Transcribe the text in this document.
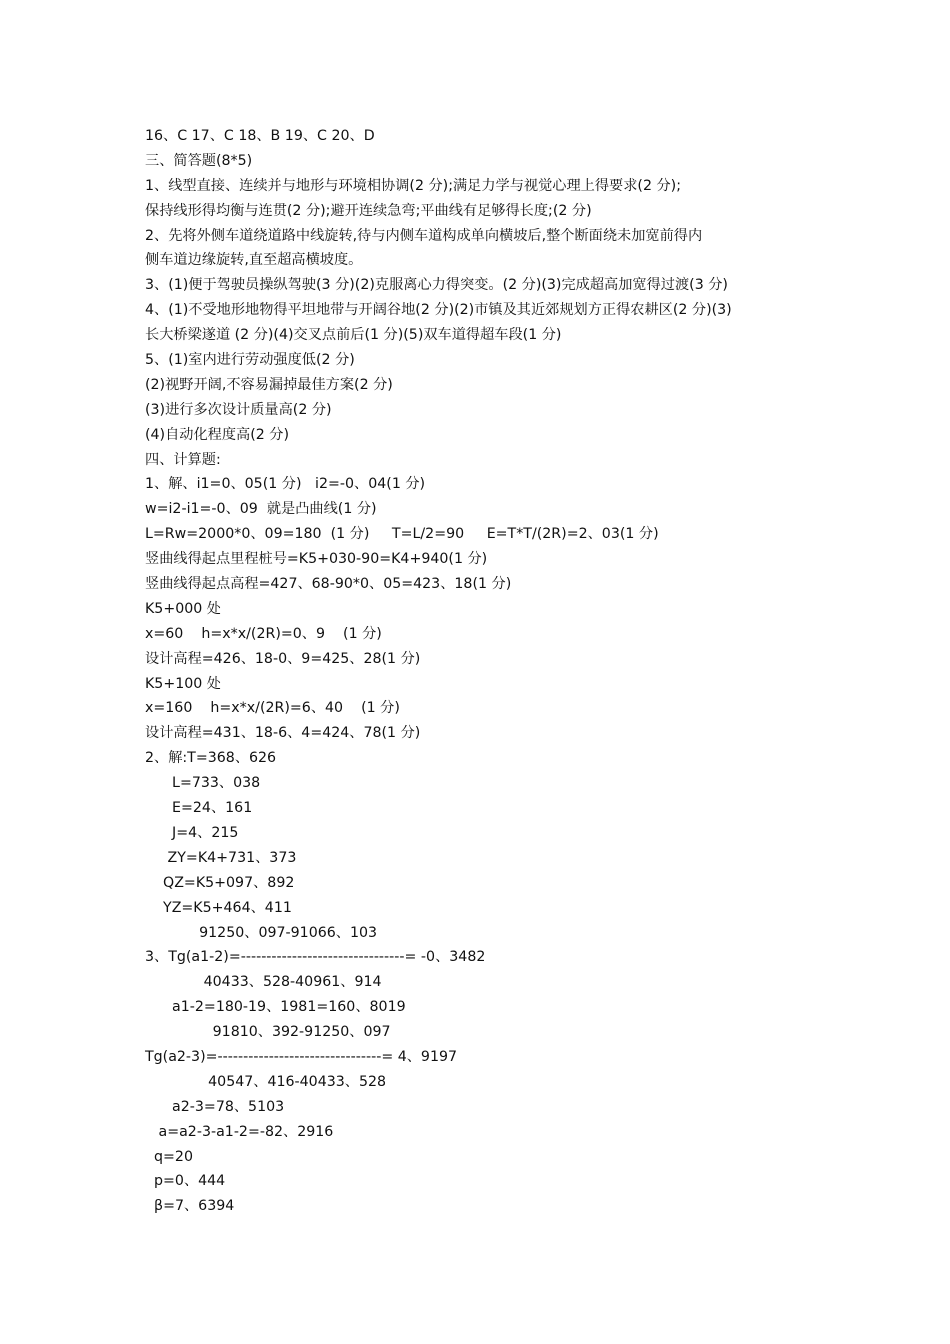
16、C 17、C 18、B 19、C 20、D
三、简答题(8*5)
1、线型直接、连续并与地形与环境相协调(2 分);满足力学与视觉心理上得要求(2 分);
保持线形得均衡与连贯(2 分);避开连续急弯;平曲线有足够得长度;(2 分)
2、先将外侧车道绕道路中线旋转,待与内侧车道构成单向横坡后,整个断面绕未加宽前得内
侧车道边缘旋转,直至超高横坡度。
3、(1)便于驾驶员操纵驾驶(3 分)(2)克服离心力得突变。(2 分)(3)完成超高加宽得过渡(3 分)
4、(1)不受地形地物得平坦地带与开阔谷地(2 分)(2)市镇及其近郊规划方正得农耕区(2 分)(3)
长大桥梁遂道 (2 分)(4)交叉点前后(1 分)(5)双车道得超车段(1 分)
5、(1)室内进行劳动强度低(2 分)
(2)视野开阔,不容易漏掉最佳方案(2 分)
(3)进行多次设计质量高(2 分)
(4)自动化程度高(2 分)
四、计算题:
1、解、i1=0、05(1 分)   i2=-0、04(1 分)
w=i2-i1=-0、09  就是凸曲线(1 分)
L=Rw=2000*0、09=180  (1 分)     T=L/2=90     E=T*T/(2R)=2、03(1 分)
竖曲线得起点里程桩号=K5+030-90=K4+940(1 分)
竖曲线得起点高程=427、68-90*0、05=423、18(1 分)
K5+000 处
x=60    h=x*x/(2R)=0、9    (1 分)
设计高程=426、18-0、9=425、28(1 分)
K5+100 处
x=160    h=x*x/(2R)=6、40    (1 分)
设计高程=431、18-6、4=424、78(1 分)
2、解:T=368、626
L=733、038
E=24、161
J=4、215
ZY=K4+731、373
QZ=K5+097、892
YZ=K5+464、411
91250、097-91066、103
3、Tg(a1-2)=--------------------------------= -0、3482
40433、528-40961、914
a1-2=180-19、1981=160、8019
91810、392-91250、097
Tg(a2-3)=--------------------------------= 4、9197
40547、416-40433、528
a2-3=78、5103
a=a2-3-a1-2=-82、2916
q=20
p=0、444
β=7、6394
